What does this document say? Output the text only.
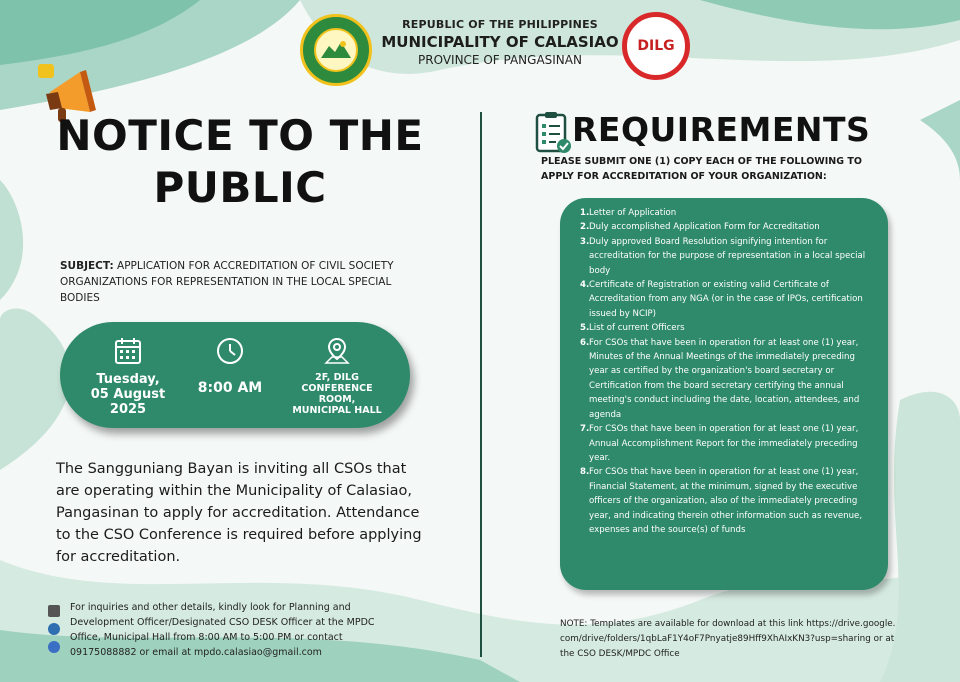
REPUBLIC OF THE PHILIPPINES
MUNICIPALITY OF CALASIAO
PROVINCE OF PANGASINAN
DILG
NOTICE TO THE
PUBLIC
SUBJECT: APPLICATION FOR ACCREDITATION OF CIVIL SOCIETY ORGANIZATIONS FOR REPRESENTATION IN THE LOCAL SPECIAL BODIES
Tuesday,
05 August
2025
8:00 AM
2F, DILG
CONFERENCE
ROOM,
MUNICIPAL HALL
The Sangguniang Bayan is inviting all CSOs that are operating within the Municipality of Calasiao, Pangasinan to apply for accreditation. Attendance to the CSO Conference is required before applying for accreditation.
For inquiries and other details, kindly look for Planning and Development Officer/Designated CSO DESK Officer at the MPDC Office, Municipal Hall from 8:00 AM to 5:00 PM or contact 09175088882 or email at mpdo.calasiao@gmail.com
REQUIREMENTS
PLEASE SUBMIT ONE (1) COPY EACH OF THE FOLLOWING TO APPLY FOR ACCREDITATION OF YOUR ORGANIZATION:
1. Letter of Application
2. Duly accomplished Application Form for Accreditation
3. Duly approved Board Resolution signifying intention for accreditation for the purpose of representation in a local special body
4. Certificate of Registration or existing valid Certificate of Accreditation from any NGA (or in the case of IPOs, certification issued by NCIP)
5. List of current Officers
6. For CSOs that have been in operation for at least one (1) year, Minutes of the Annual Meetings of the immediately preceding year as certified by the organization's board secretary or Certification from the board secretary certifying the annual meeting's conduct including the date, location, attendees, and agenda
7. For CSOs that have been in operation for at least one (1) year, Annual Accomplishment Report for the immediately preceding year.
8. For CSOs that have been in operation for at least one (1) year, Financial Statement, at the minimum, signed by the executive officers of the organization, also of the immediately preceding year, and indicating therein other information such as revenue, expenses and the source(s) of funds
NOTE: Templates are available for download at this link https://drive.google.com/drive/folders/1qbLaF1Y4oF7Pnyatje89Hff9XhAIxKN3?usp=sharing or at the CSO DESK/MPDC Office
